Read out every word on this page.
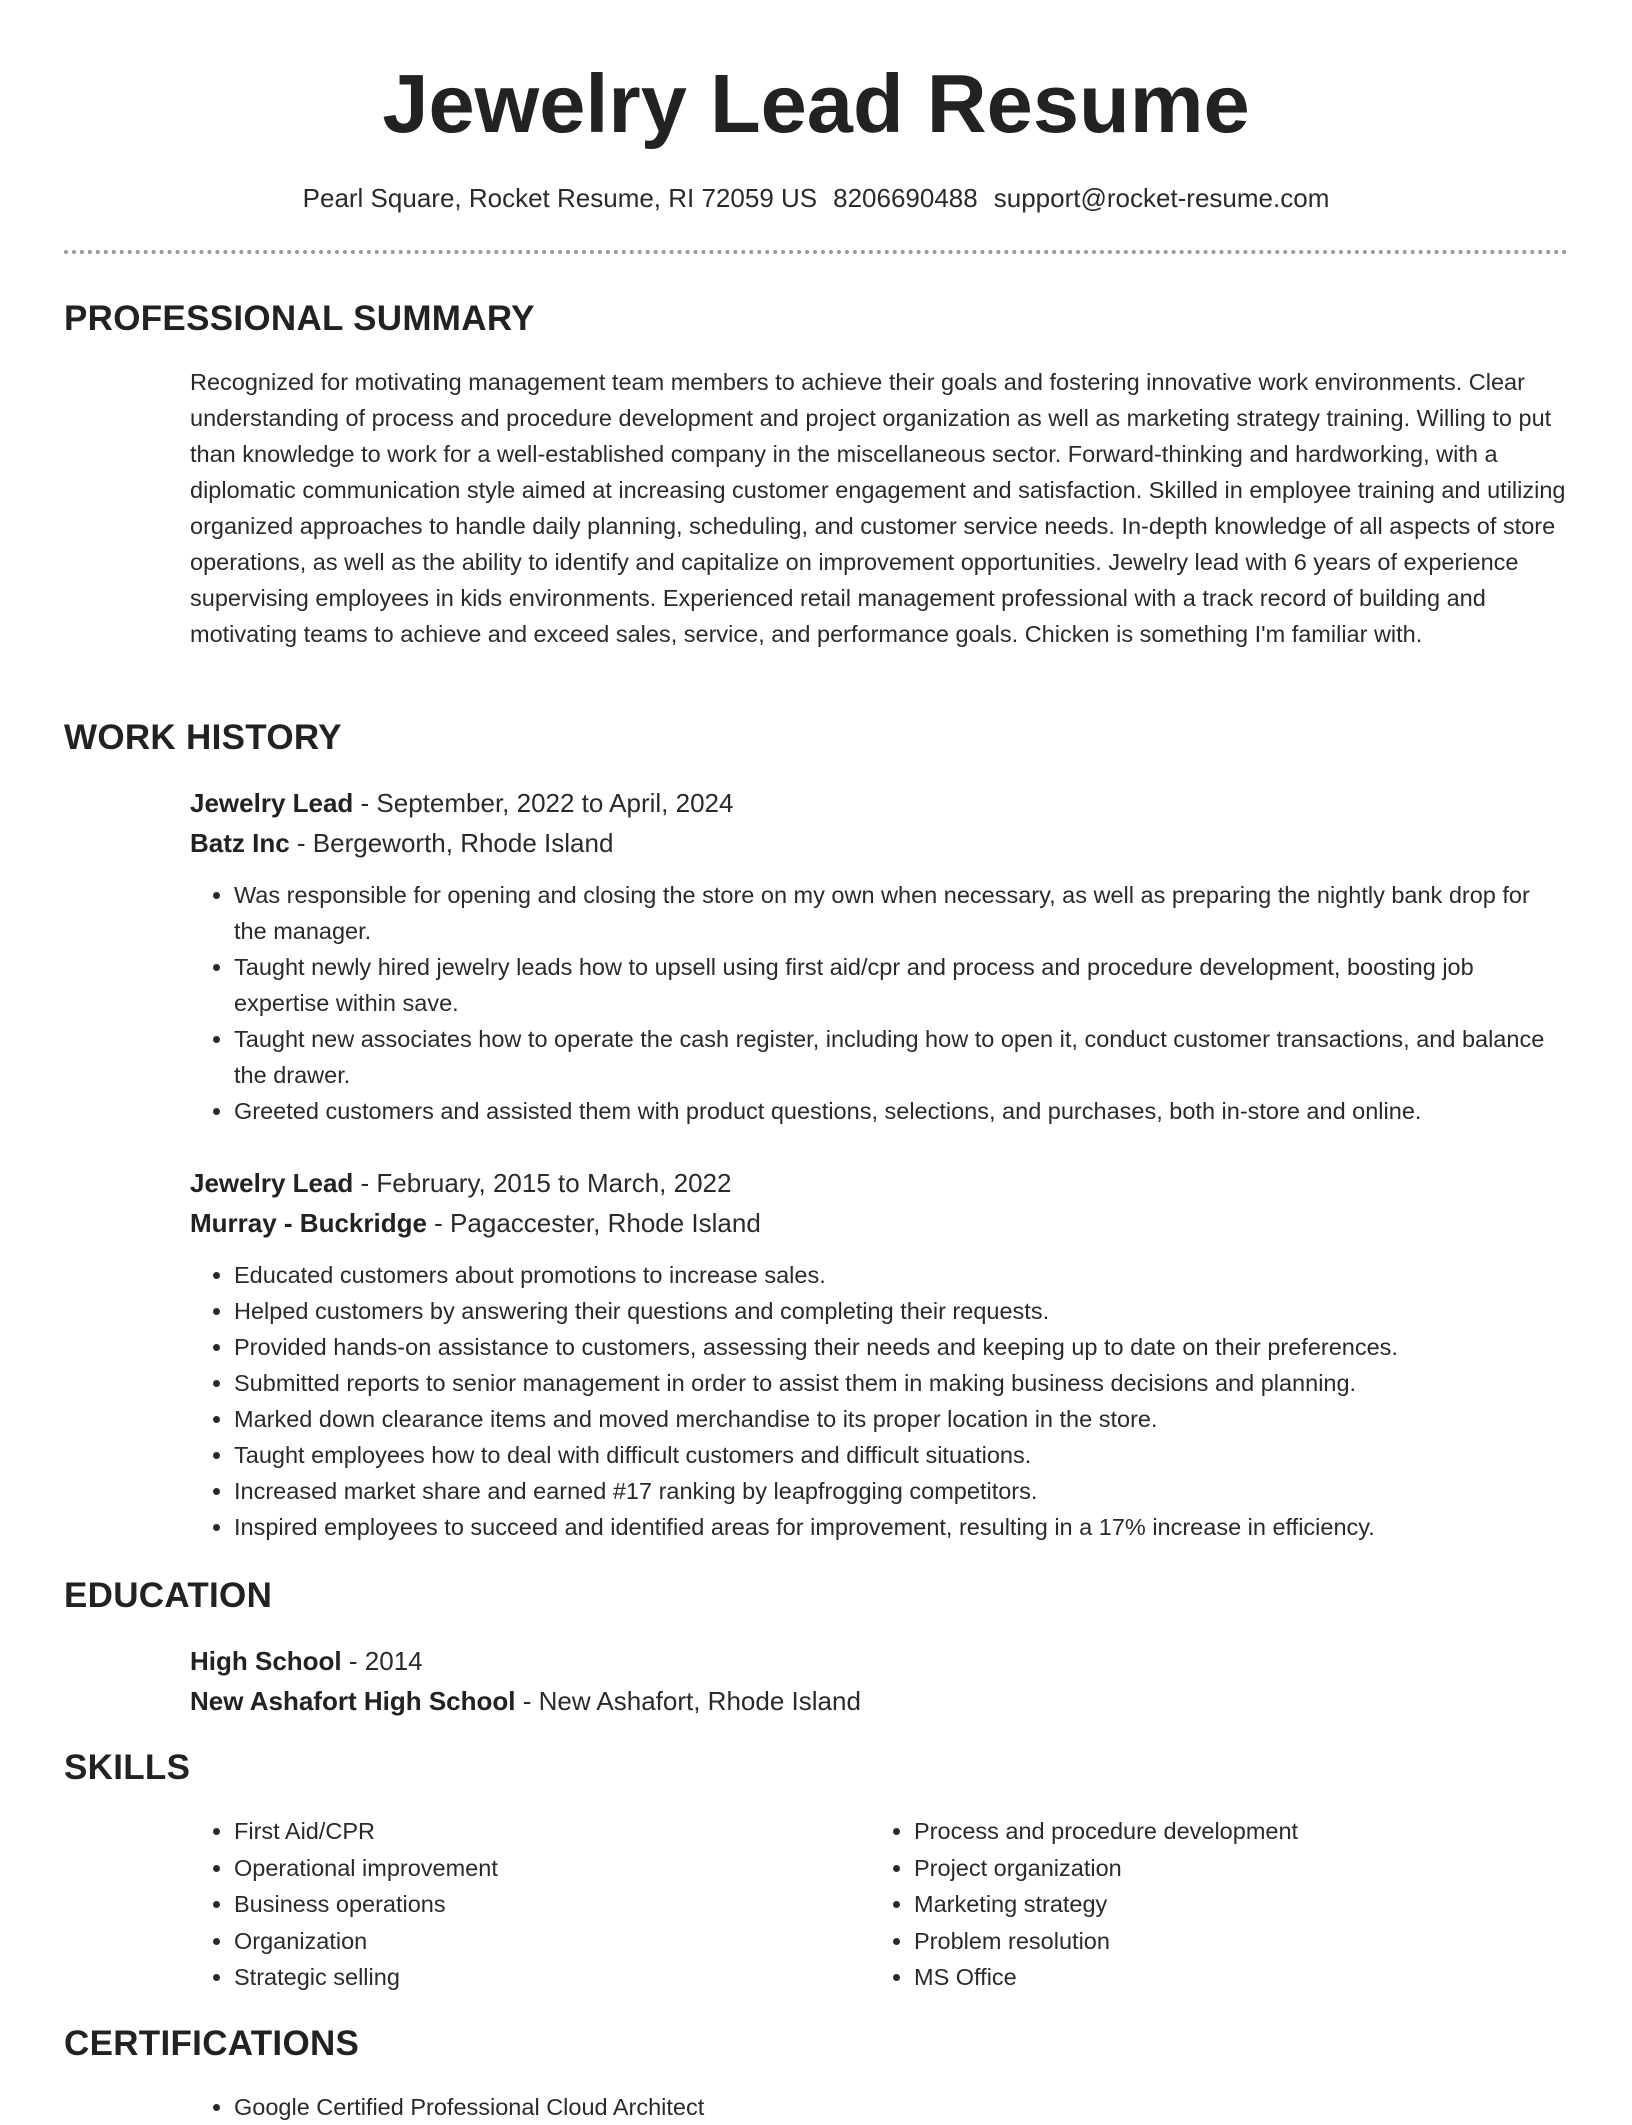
Jewelry Lead Resume
Pearl Square, Rocket Resume, RI 72059 US 8206690488 support@rocket-resume.com
PROFESSIONAL SUMMARY
Recognized for motivating management team members to achieve their goals and fostering innovative work environments. Clear understanding of process and procedure development and project organization as well as marketing strategy training. Willing to put than knowledge to work for a well-established company in the miscellaneous sector. Forward-thinking and hardworking, with a diplomatic communication style aimed at increasing customer engagement and satisfaction. Skilled in employee training and utilizing organized approaches to handle daily planning, scheduling, and customer service needs. In-depth knowledge of all aspects of store operations, as well as the ability to identify and capitalize on improvement opportunities. Jewelry lead with 6 years of experience supervising employees in kids environments. Experienced retail management professional with a track record of building and motivating teams to achieve and exceed sales, service, and performance goals. Chicken is something I'm familiar with.
WORK HISTORY
Jewelry Lead - September, 2022 to April, 2024
Batz Inc - Bergeworth, Rhode Island
• Was responsible for opening and closing the store on my own when necessary, as well as preparing the nightly bank drop for the manager.
• Taught newly hired jewelry leads how to upsell using first aid/cpr and process and procedure development, boosting job expertise within save.
• Taught new associates how to operate the cash register, including how to open it, conduct customer transactions, and balance the drawer.
• Greeted customers and assisted them with product questions, selections, and purchases, both in-store and online.
Jewelry Lead - February, 2015 to March, 2022
Murray - Buckridge - Pagaccester, Rhode Island
• Educated customers about promotions to increase sales.
• Helped customers by answering their questions and completing their requests.
• Provided hands-on assistance to customers, assessing their needs and keeping up to date on their preferences.
• Submitted reports to senior management in order to assist them in making business decisions and planning.
• Marked down clearance items and moved merchandise to its proper location in the store.
• Taught employees how to deal with difficult customers and difficult situations.
• Increased market share and earned #17 ranking by leapfrogging competitors.
• Inspired employees to succeed and identified areas for improvement, resulting in a 17% increase in efficiency.
EDUCATION
High School - 2014
New Ashafort High School - New Ashafort, Rhode Island
SKILLS
• First Aid/CPR
• Operational improvement
• Business operations
• Organization
• Strategic selling
• Process and procedure development
• Project organization
• Marketing strategy
• Problem resolution
• MS Office
CERTIFICATIONS
• Google Certified Professional Cloud Architect
